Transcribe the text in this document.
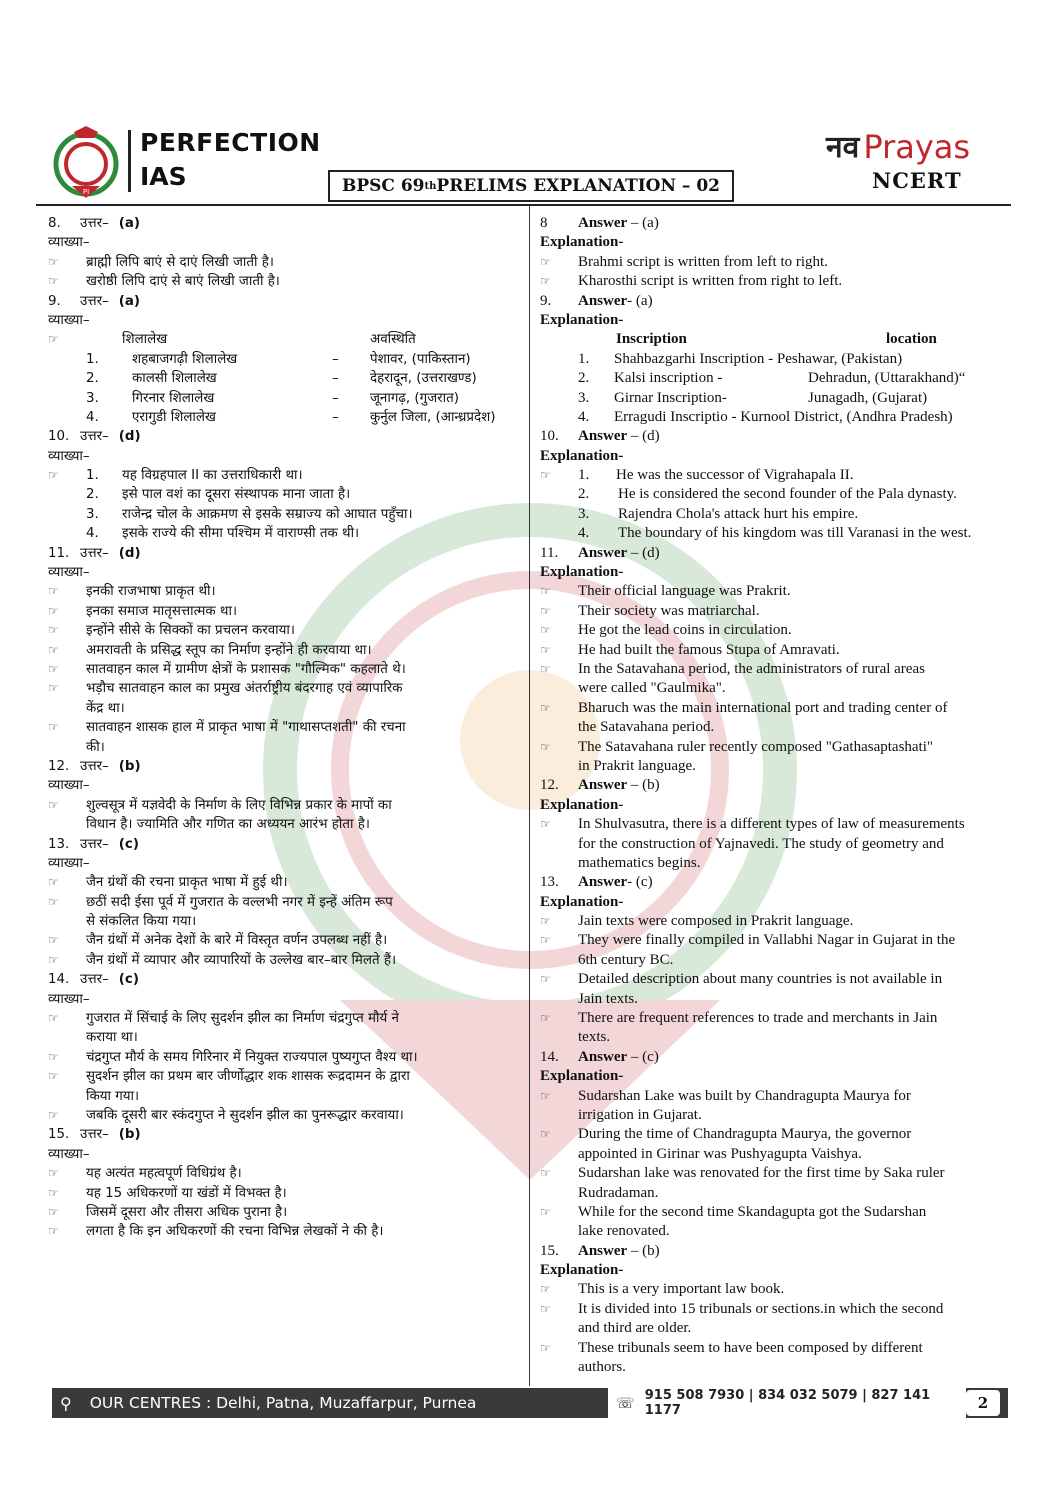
PI
PERFECTION
IAS	BPSC 69 th PRELIMS EXPLANATION – 02
नव Prayas
NCERT
8.	उत्तर– (a)
व्याख्या–
☞	ब्राह्मी लिपि बाएं से दाएं लिखी जाती है।
☞	खरोष्ठी लिपि दाएं से बाएं लिखी जाती है।
9.	उत्तर– (a)
व्याख्या–
☞	शिलालेख	अवस्थिति
1.	शहबाजगढ़ी शिलालेख	–	पेशावर, (पाकिस्तान)
2.	कालसी शिलालेख	–	देहरादून, (उत्तराखण्ड)
3.	गिरनार शिलालेख	–	जूनागढ़, (गुजरात)
4.	एरागुडी शिलालेख	–	कुर्नुल जिला, (आन्ध्रप्रदेश)
10. उत्तर– (d)
व्याख्या–
☞	1.	यह विग्रहपाल II का उत्तराधिकारी था।
2.	इसे पाल वशं का दूसरा संस्थापक माना जाता है।
3.	राजेन्द्र चोल के आक्रमण से इसके सम्राज्य को आघात पहुँचा।
4.	इसके राज्ये की सीमा पश्चिम में वाराण्सी तक थी।
11. उत्तर– (d)
व्याख्या–
☞	इनकी राजभाषा प्राकृत थी।
☞	इनका समाज मातृसत्तात्मक था।
☞	इन्होंने सीसे के सिक्कों का प्रचलन करवाया।
☞	अमरावती के प्रसिद्ध स्तूप का निर्माण इन्होंने ही करवाया था।
☞	सातवाहन काल में ग्रामीण क्षेत्रों के प्रशासक "गौल्मिक" कहलाते थे।
☞	भड़ौच सातवाहन काल का प्रमुख अंतर्राष्ट्रीय बंदरगाह एवं व्यापारिक
केंद्र था।
☞	सातवाहन शासक हाल में प्राकृत भाषा में "गाथासप्तशती" की रचना
की।
12. उत्तर– (b)
व्याख्या–
☞	शुल्वसूत्र में यज्ञवेदी के निर्माण के लिए विभिन्न प्रकार के मापों का
विधान है। ज्यामिति और गणित का अध्ययन आरंभ होता है।
13. उत्तर– (c)
व्याख्या–
☞	जैन ग्रंथों की रचना प्राकृत भाषा में हुई थी।
☞	छठीं सदी ईसा पूर्व में गुजरात के वल्लभी नगर में इन्हें अंतिम रूप
से संकलित किया गया।
☞	जैन ग्रंथों में अनेक देशों के बारे में विस्तृत वर्णन उपलब्ध नहीं है।
☞	जैन ग्रंथों में व्यापार और व्यापारियों के उल्लेख बार–बार मिलते हैं।
14. उत्तर– (c)
व्याख्या–
☞	गुजरात में सिंचाई के लिए सुदर्शन झील का निर्माण चंद्रगुप्त मौर्य ने
कराया था।
☞	चंद्रगुप्त मौर्य के समय गिरिनार में नियुक्त राज्यपाल पुष्यगुप्त वैश्य था।
☞	सुदर्शन झील का प्रथम बार जीर्णोद्धार शक शासक रूद्रदामन के द्वारा
किया गया।
☞	जबकि दूसरी बार स्कंदगुप्त ने सुदर्शन झील का पुनरूद्धार करवाया।
15. उत्तर– (b)
व्याख्या–
☞	यह अत्यंत महत्वपूर्ण विधिग्रंथ है।
☞	यह 15 अधिकरणों या खंडों में विभक्त है।
☞	जिसमें दूसरा और तीसरा अधिक पुराना है।
☞	लगता है कि इन अधिकरणों की रचना विभिन्न लेखकों ने की है।
8	Answer – (a)
Explanation-
☞	Brahmi script is written from left to right.
☞	Kharosthi script is written from right to left.
9.	Answer- (a)
Explanation-
Inscription	location
1.	Shahbazgarhi Inscription - Peshawar, (Pakistan)
2.	Kalsi inscription -	Dehradun, (Uttarakhand)“
3.	Girnar Inscription-	Junagadh, (Gujarat)
4.	Erragudi Inscriptio - Kurnool District, (Andhra Pradesh)
10.	Answer – (d)
Explanation-
☞	1.	He was the successor of Vigrahapala II.
2.	He is considered the second founder of the Pala dynasty.
3.	Rajendra Chola's attack hurt his empire.
4.	The boundary of his kingdom was till Varanasi in the west.
11.	Answer – (d)
Explanation-
☞	Their official language was Prakrit.
☞	Their society was matriarchal.
☞	He got the lead coins in circulation.
☞	He had built the famous Stupa of Amravati.
☞	In the Satavahana period, the administrators of rural areas
were called "Gaulmika".
☞	Bharuch was the main international port and trading center of
the Satavahana period.
☞	The Satavahana ruler recently composed "Gathasaptashati"
in Prakrit language.
12.	Answer – (b)
Explanation-
☞	In Shulvasutra, there is a different types of law of measurements
for the construction of Yajnavedi. The study of geometry and
mathematics begins.
13.	Answer- (c)
Explanation-
☞	Jain texts were composed in Prakrit language.
☞	They were finally compiled in Vallabhi Nagar in Gujarat in the
6th century BC.
☞	Detailed description about many countries is not available in
Jain texts.
☞	There are frequent references to trade and merchants in Jain
texts.
14.	Answer – (c)
Explanation-
☞	Sudarshan Lake was built by Chandragupta Maurya for
irrigation in Gujarat.
☞	During the time of Chandragupta Maurya, the governor
appointed in Girinar was Pushyagupta Vaishya.
☞	Sudarshan lake was renovated for the first time by Saka ruler
Rudradaman.
☞	While for the second time Skandagupta got the Sudarshan
lake renovated.
15.	Answer – (b)
Explanation-
☞	This is a very important law book.
☞	It is divided into 15 tribunals or sections.in which the second
and third are older.
☞	These tribunals seem to have been composed by different
authors.
⚲ OUR CENTRES : Delhi, Patna, Muzaffarpur, Purnea	☏ 915 508 7930 | 834 032 5079 | 827 141 1177	2
